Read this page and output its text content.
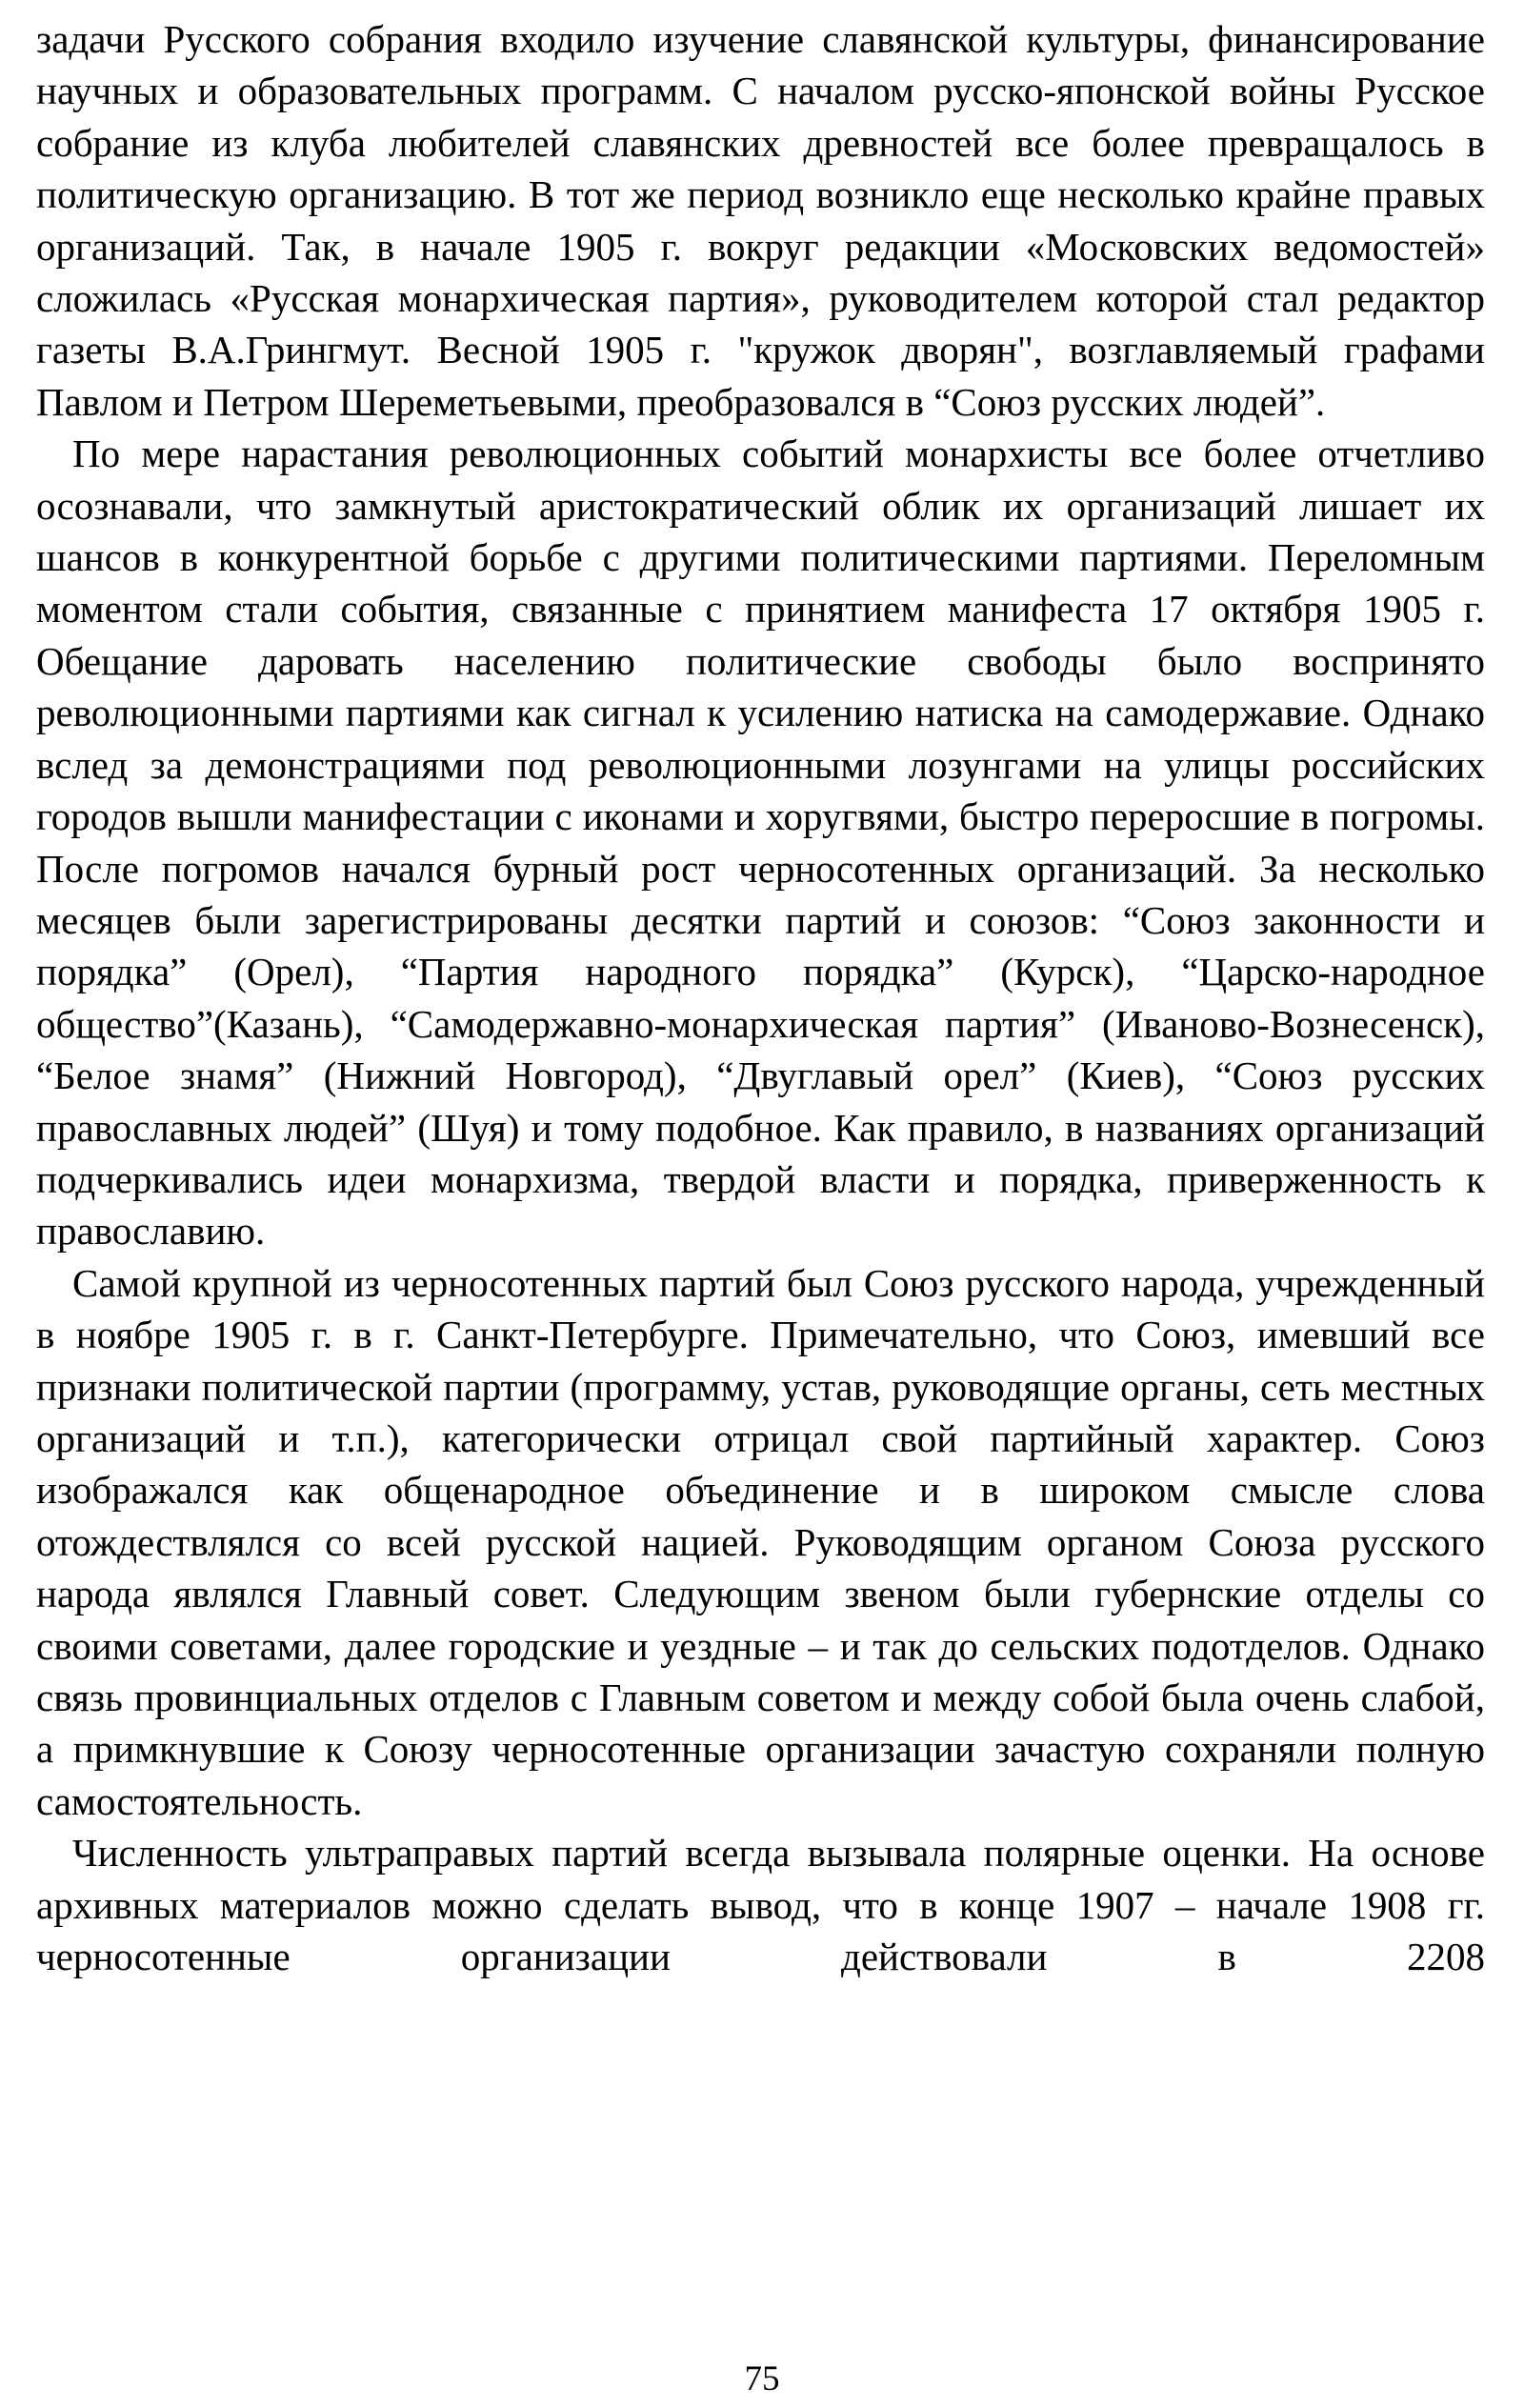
задачи Русского собрания входило изучение славянской культуры, финансирование научных и образовательных программ. С началом русско-японской войны Русское собрание из клуба любителей славянских древностей все более превращалось в политическую организацию. В тот же период возникло еще несколько крайне правых организаций. Так, в начале 1905 г. вокруг редакции «Московских ведомостей» сложилась «Русская монархическая партия», руководителем которой стал редактор газеты В.А.Грингмут. Весной 1905 г. "кружок дворян", возглавляемый графами Павлом и Петром Шереметьевыми, преобразовался в “Союз русских людей”.

По мере нарастания революционных событий монархисты все более отчетливо осознавали, что замкнутый аристократический облик их организаций лишает их шансов в конкурентной борьбе с другими политическими партиями. Переломным моментом стали события, связанные с принятием манифеста 17 октября 1905 г. Обещание даровать населению политические свободы было воспринято революционными партиями как сигнал к усилению натиска на самодержавие. Однако вслед за демонстрациями под революционными лозунгами на улицы российских городов вышли манифестации с иконами и хоругвями, быстро переросшие в погромы. После погромов начался бурный рост черносотенных организаций. За несколько месяцев были зарегистрированы десятки партий и союзов: “Союз законности и порядка” (Орел), “Партия народного порядка” (Курск), “Царско-народное общество”(Казань), “Самодержавно-монархическая партия” (Иваново-Вознесенск), “Белое знамя” (Нижний Новгород), “Двуглавый орел” (Киев), “Союз русских православных людей” (Шуя) и тому подобное. Как правило, в названиях организаций подчеркивались идеи монархизма, твердой власти и порядка, приверженность к православию.

Самой крупной из черносотенных партий был Союз русского народа, учрежденный в ноябре 1905 г. в г. Санкт-Петербурге. Примечательно, что Союз, имевший все признаки политической партии (программу, устав, руководящие органы, сеть местных организаций и т.п.), категорически отрицал свой партийный характер. Союз изображался как общенародное объединение и в широком смысле слова отождествлялся со всей русской нацией. Руководящим органом Союза русского народа являлся Главный совет. Следующим звеном были губернские отделы со своими советами, далее городские и уездные – и так до сельских подотделов. Однако связь провинциальных отделов с Главным советом и между собой была очень слабой, а примкнувшие к Союзу черносотенные организации зачастую сохраняли полную самостоятельность.

Численность ультраправых партий всегда вызывала полярные оценки. На основе архивных материалов можно сделать вывод, что в конце 1907 – начале 1908 гг. черносотенные организации действовали в 2208

75
